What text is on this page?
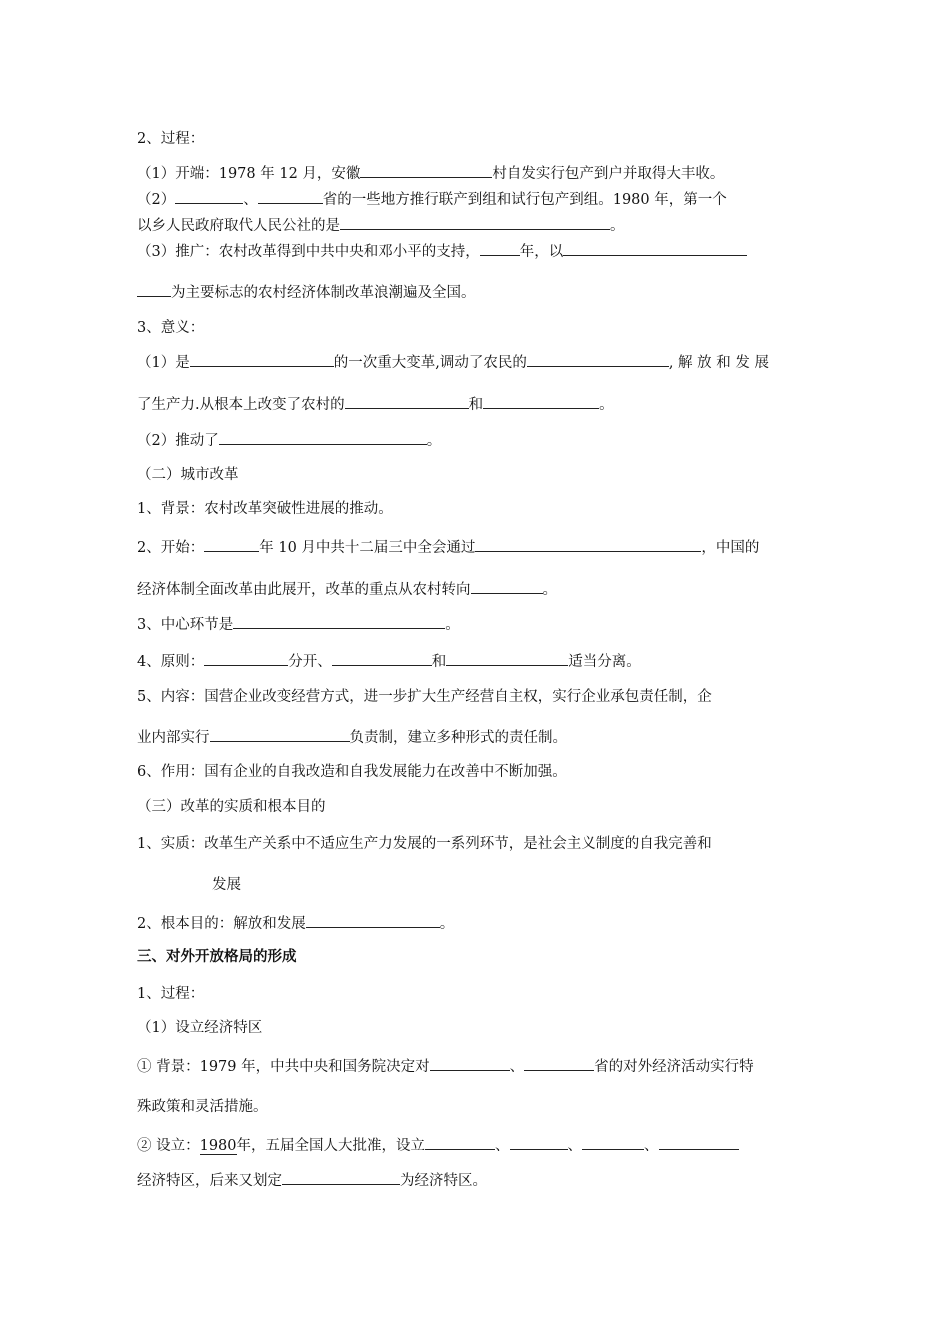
2、过程：
（1）开端：1978 年 12 月，安徽	村自发实行包产到户并取得大丰收。
（2）	、	省的一些地方推行联产到组和试行包产到组。1980 年，第一个
以乡人民政府取代人民公社的是	。
（3）推广：农村改革得到中共中央和邓小平的支持，	年，以
为主要标志的农村经济体制改革浪潮遍及全国。
3、意义：
（1）是	的一次重大变革,调动了农民的	, 解 放 和 发 展
了生产力.从根本上改变了农村的	和	。
（2）推动了	。
（二）城市改革
1、背景：农村改革突破性进展的推动。
2、开始：	年 10 月中共十二届三中全会通过	，中国的
经济体制全面改革由此展开，改革的重点从农村转向	。
3、中心环节是	。
4、原则：	分开、	和	适当分离。
5、内容：国营企业改变经营方式，进一步扩大生产经营自主权，实行企业承包责任制，企
业内部实行	负责制，建立多种形式的责任制。
6、作用：国有企业的自我改造和自我发展能力在改善中不断加强。
（三）改革的实质和根本目的
1、实质：改革生产关系中不适应生产力发展的一系列环节，是社会主义制度的自我完善和
发展
2、根本目的：解放和发展	。
三、对外开放格局的形成
1、过程：
（1）设立经济特区
① 背景：1979 年，中共中央和国务院决定对	、	省的对外经济活动实行特
殊政策和灵活措施。
② 设立：1980年，五届全国人大批准，设立	、	、	、
经济特区，后来又划定	为经济特区。
